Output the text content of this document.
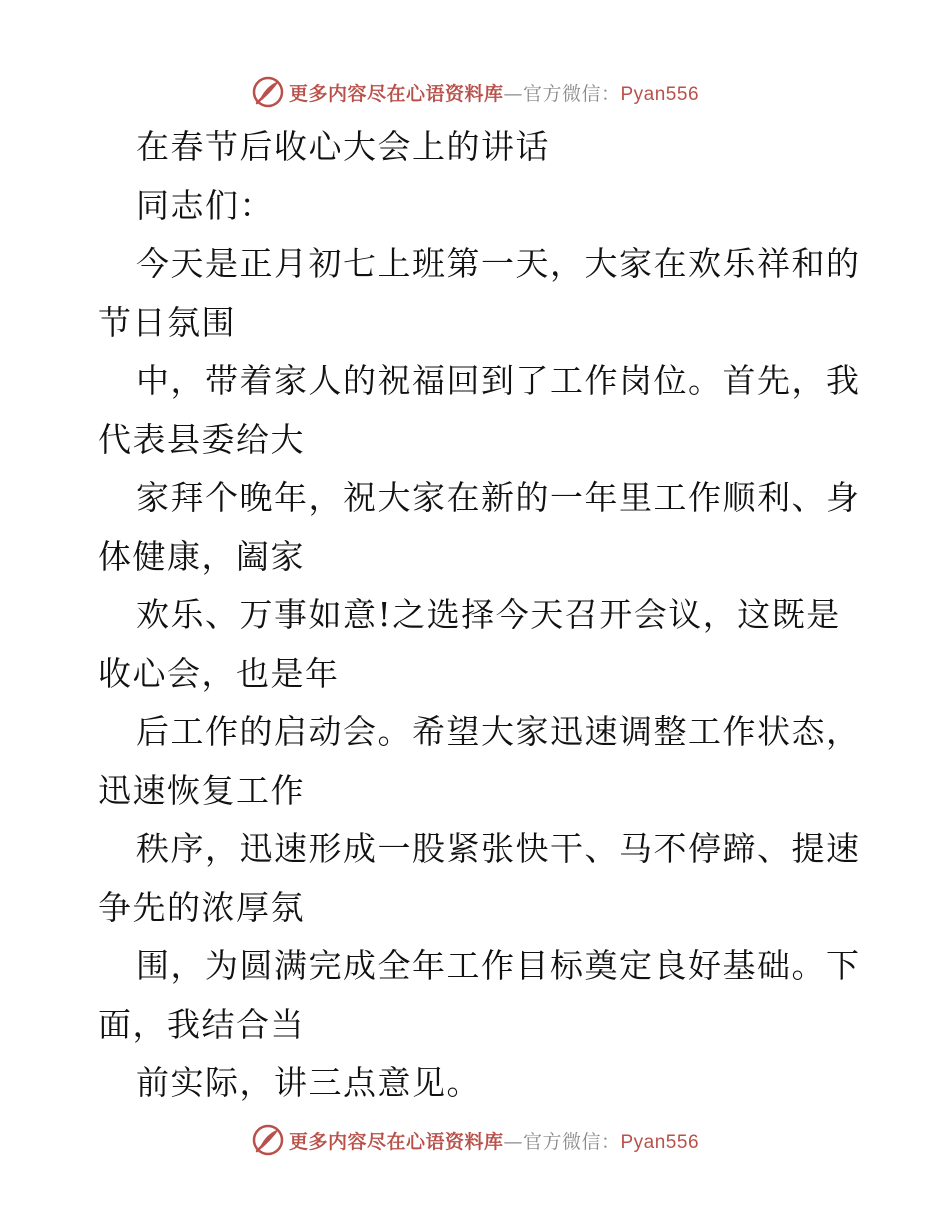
更多内容尽在心语资料库—官方微信：Pyan556
在春节后收心大会上的讲话
同志们：
今天是正月初七上班第一天，大家在欢乐祥和的
节日氛围
中，带着家人的祝福回到了工作岗位。首先，我
代表县委给大
家拜个晚年，祝大家在新的一年里工作顺利、身
体健康，阖家
欢乐、万事如意!之选择今天召开会议，这既是
收心会，也是年
后工作的启动会。希望大家迅速调整工作状态，
迅速恢复工作
秩序，迅速形成一股紧张快干、马不停蹄、提速
争先的浓厚氛
围，为圆满完成全年工作目标奠定良好基础。下
面，我结合当
前实际，讲三点意见。
更多内容尽在心语资料库—官方微信：Pyan556
